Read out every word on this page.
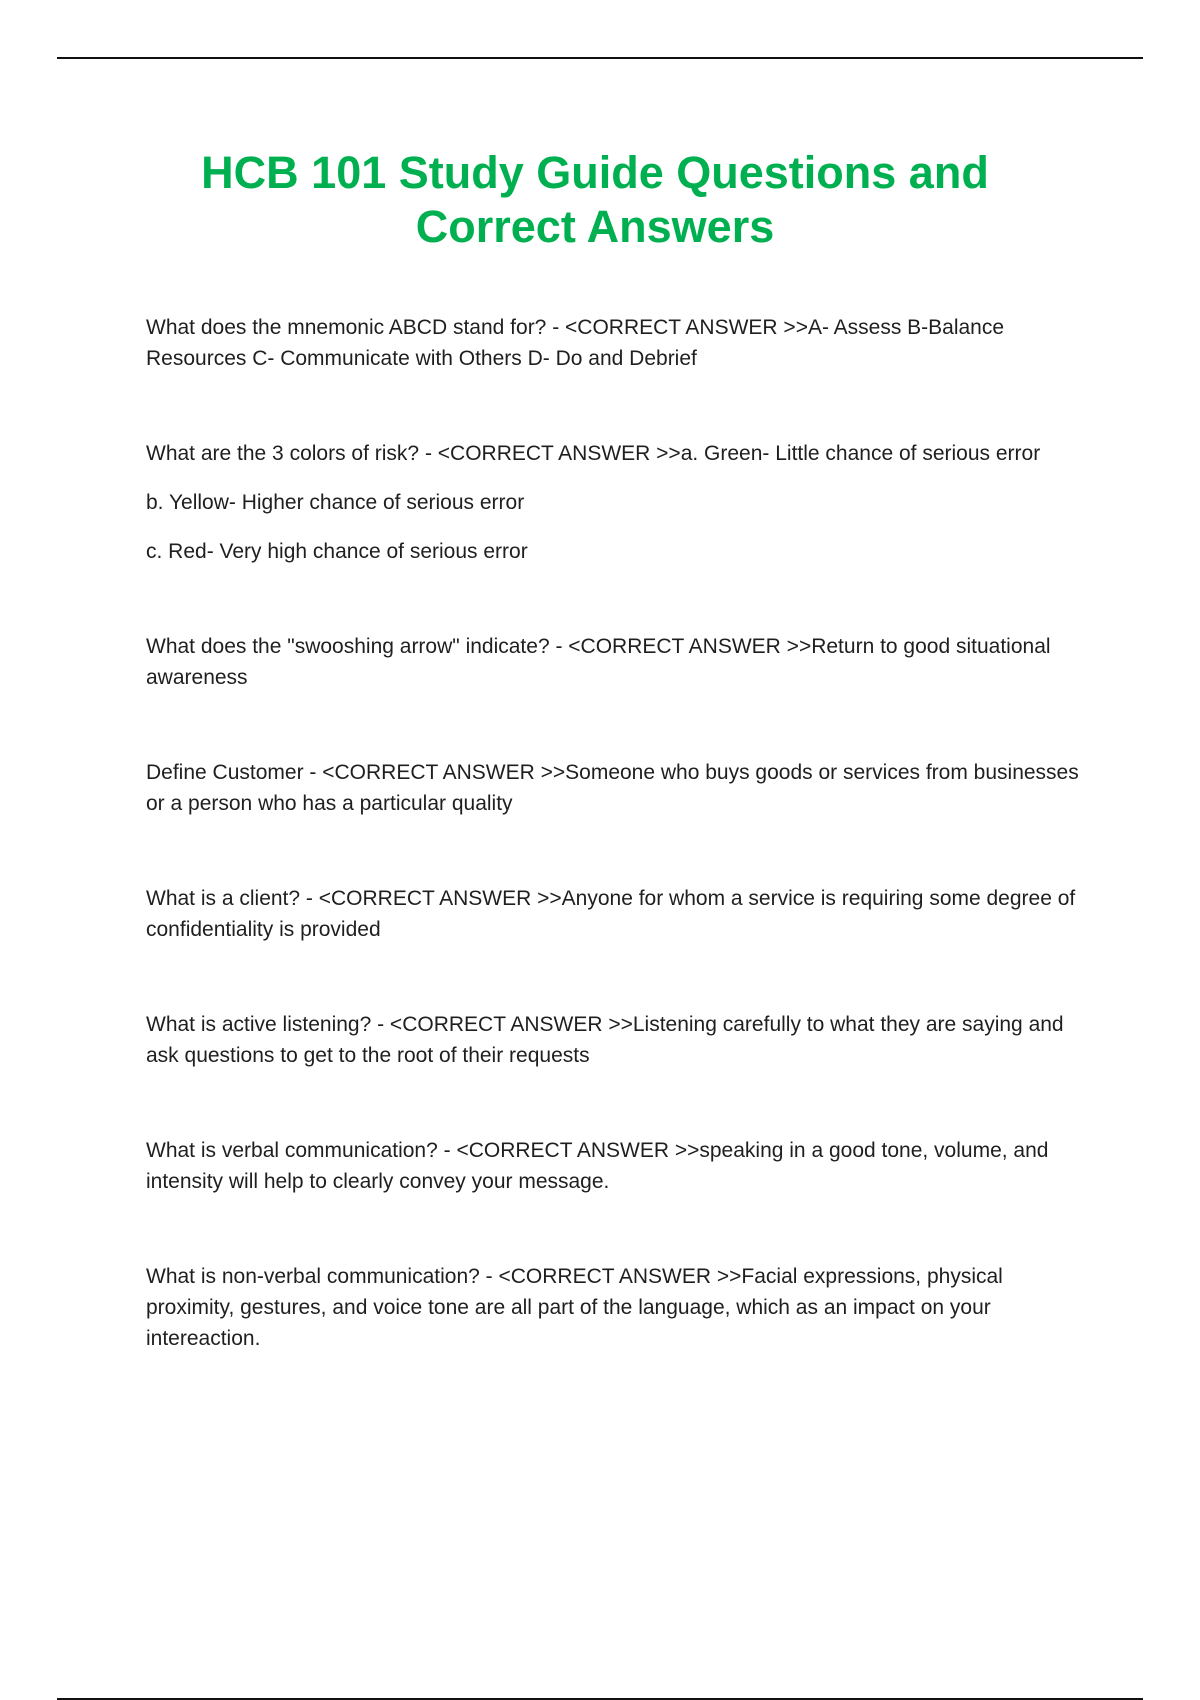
HCB 101 Study Guide Questions and
Correct Answers

What does the mnemonic ABCD stand for? - <CORRECT ANSWER >>A- Assess B-Balance Resources C- Communicate with Others D- Do and Debrief

What are the 3 colors of risk? - <CORRECT ANSWER >>a. Green- Little chance of serious error

b. Yellow- Higher chance of serious error

c. Red- Very high chance of serious error

What does the "swooshing arrow" indicate? - <CORRECT ANSWER >>Return to good situational awareness

Define Customer - <CORRECT ANSWER >>Someone who buys goods or services from businesses or a person who has a particular quality

What is a client? - <CORRECT ANSWER >>Anyone for whom a service is requiring some degree of confidentiality is provided

What is active listening? - <CORRECT ANSWER >>Listening carefully to what they are saying and ask questions to get to the root of their requests

What is verbal communication? - <CORRECT ANSWER >>speaking in a good tone, volume, and intensity will help to clearly convey your message.

What is non-verbal communication? - <CORRECT ANSWER >>Facial expressions, physical proximity, gestures, and voice tone are all part of the language, which as an impact on your intereaction.
